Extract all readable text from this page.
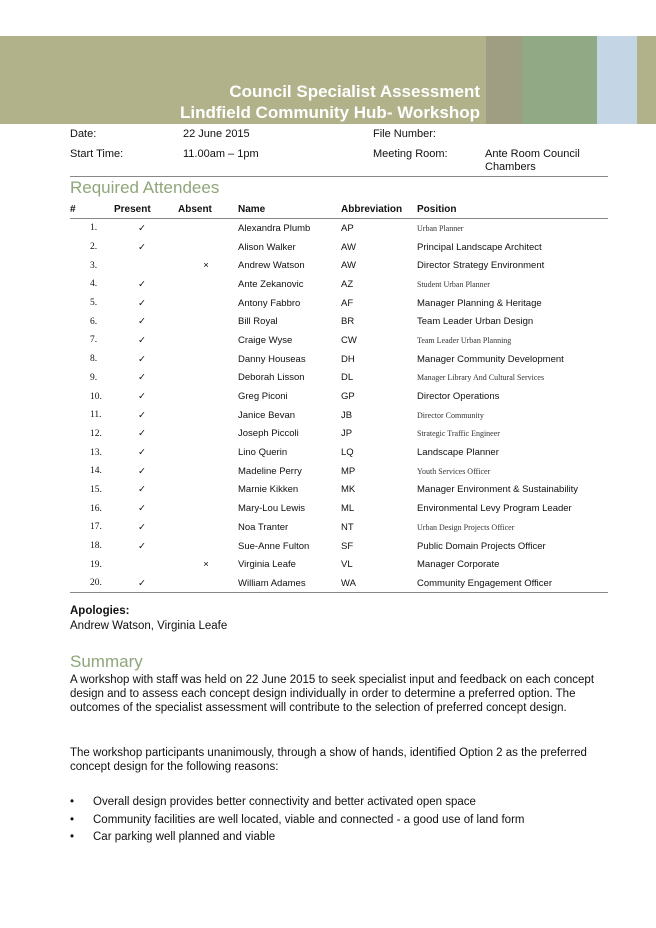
Council Specialist Assessment
Lindfield Community Hub- Workshop
Date:	22 June 2015	File Number:
Start Time:	11.00am – 1pm	Meeting Room:	Ante Room Council
Chambers
Required Attendees
#	Present	Absent	Name	Abbreviation	Position
1.	✓		Alexandra Plumb	AP	Urban Planner
2.	✓		Alison Walker	AW	Principal Landscape Architect
3.		×	Andrew Watson	AW	Director Strategy Environment
4.	✓		Ante Zekanovic	AZ	Student Urban Planner
5.	✓		Antony Fabbro	AF	Manager Planning & Heritage
6.	✓		Bill Royal	BR	Team Leader Urban Design
7.	✓		Craige Wyse	CW	Team Leader Urban Planning
8.	✓		Danny Houseas	DH	Manager Community Development
9.	✓		Deborah Lisson	DL	Manager Library And Cultural Services
10.	✓		Greg Piconi	GP	Director Operations
11.	✓		Janice Bevan	JB	Director Community
12.	✓		Joseph Piccoli	JP	Strategic Traffic Engineer
13.	✓		Lino Querin	LQ	Landscape Planner
14.	✓		Madeline Perry	MP	Youth Services Officer
15.	✓		Marnie Kikken	MK	Manager Environment & Sustainability
16.	✓		Mary-Lou Lewis	ML	Environmental Levy Program Leader
17.	✓		Noa Tranter	NT	Urban Design Projects Officer
18.	✓		Sue-Anne Fulton	SF	Public Domain Projects Officer
19.		×	Virginia Leafe	VL	Manager Corporate
20.	✓		William Adames	WA	Community Engagement Officer
Apologies:
Andrew Watson, Virginia Leafe
Summary
A workshop with staff was held on 22 June 2015 to seek specialist input and feedback on each concept design and to assess each concept design individually in order to determine a preferred option. The outcomes of the specialist assessment will contribute to the selection of preferred concept design.
The workshop participants unanimously, through a show of hands, identified Option 2 as the preferred concept design for the following reasons:
• Overall design provides better connectivity and better activated open space
• Community facilities are well located, viable and connected - a good use of land form
• Car parking well planned and viable
